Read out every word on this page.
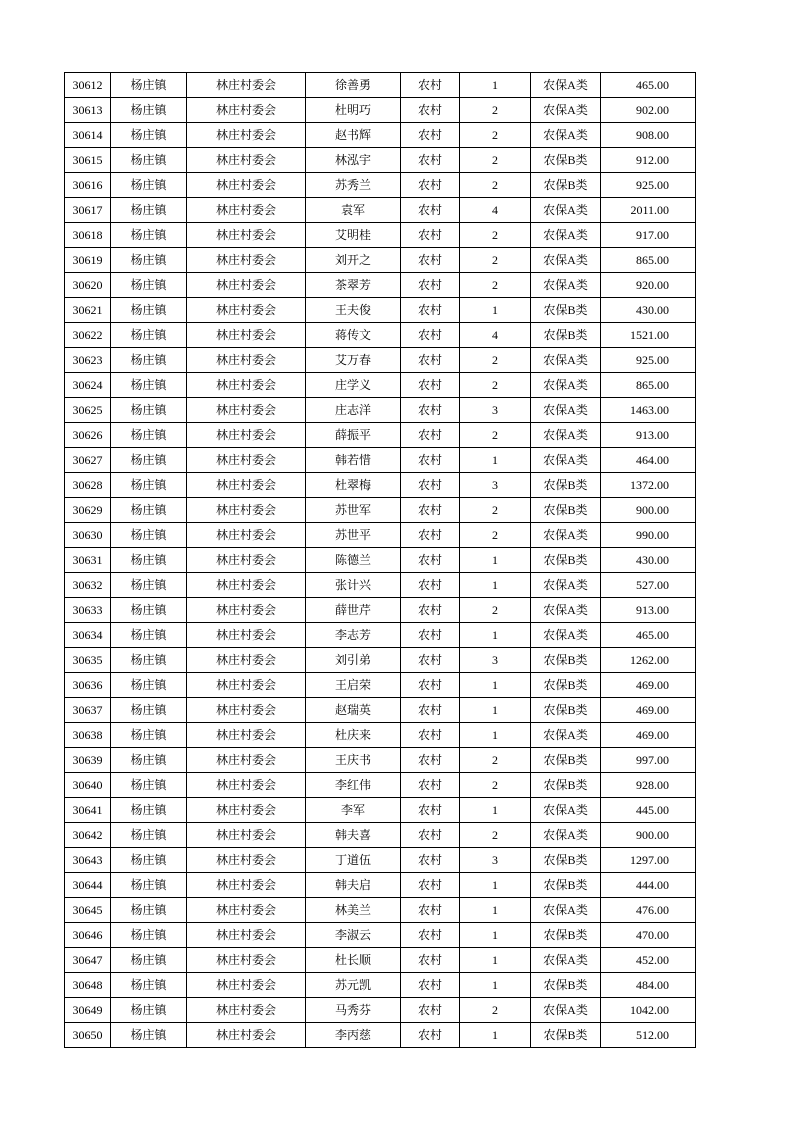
30612	杨庄镇	林庄村委会	徐善勇	农村	1	农保A类	465.00
30613	杨庄镇	林庄村委会	杜明巧	农村	2	农保A类	902.00
30614	杨庄镇	林庄村委会	赵书辉	农村	2	农保A类	908.00
30615	杨庄镇	林庄村委会	林泓宇	农村	2	农保B类	912.00
30616	杨庄镇	林庄村委会	苏秀兰	农村	2	农保B类	925.00
30617	杨庄镇	林庄村委会	袁军	农村	4	农保A类	2011.00
30618	杨庄镇	林庄村委会	艾明桂	农村	2	农保A类	917.00
30619	杨庄镇	林庄村委会	刘开之	农村	2	农保A类	865.00
30620	杨庄镇	林庄村委会	茶翠芳	农村	2	农保A类	920.00
30621	杨庄镇	林庄村委会	王夫俊	农村	1	农保B类	430.00
30622	杨庄镇	林庄村委会	蒋传文	农村	4	农保B类	1521.00
30623	杨庄镇	林庄村委会	艾万春	农村	2	农保A类	925.00
30624	杨庄镇	林庄村委会	庄学义	农村	2	农保A类	865.00
30625	杨庄镇	林庄村委会	庄志洋	农村	3	农保A类	1463.00
30626	杨庄镇	林庄村委会	薛振平	农村	2	农保A类	913.00
30627	杨庄镇	林庄村委会	韩若惜	农村	1	农保A类	464.00
30628	杨庄镇	林庄村委会	杜翠梅	农村	3	农保B类	1372.00
30629	杨庄镇	林庄村委会	苏世军	农村	2	农保B类	900.00
30630	杨庄镇	林庄村委会	苏世平	农村	2	农保A类	990.00
30631	杨庄镇	林庄村委会	陈德兰	农村	1	农保B类	430.00
30632	杨庄镇	林庄村委会	张计兴	农村	1	农保A类	527.00
30633	杨庄镇	林庄村委会	薛世芹	农村	2	农保A类	913.00
30634	杨庄镇	林庄村委会	李志芳	农村	1	农保A类	465.00
30635	杨庄镇	林庄村委会	刘引弟	农村	3	农保B类	1262.00
30636	杨庄镇	林庄村委会	王启荣	农村	1	农保B类	469.00
30637	杨庄镇	林庄村委会	赵瑞英	农村	1	农保B类	469.00
30638	杨庄镇	林庄村委会	杜庆来	农村	1	农保A类	469.00
30639	杨庄镇	林庄村委会	王庆书	农村	2	农保B类	997.00
30640	杨庄镇	林庄村委会	李红伟	农村	2	农保B类	928.00
30641	杨庄镇	林庄村委会	李军	农村	1	农保A类	445.00
30642	杨庄镇	林庄村委会	韩夫喜	农村	2	农保A类	900.00
30643	杨庄镇	林庄村委会	丁道伍	农村	3	农保B类	1297.00
30644	杨庄镇	林庄村委会	韩夫启	农村	1	农保B类	444.00
30645	杨庄镇	林庄村委会	林美兰	农村	1	农保A类	476.00
30646	杨庄镇	林庄村委会	李淑云	农村	1	农保B类	470.00
30647	杨庄镇	林庄村委会	杜长顺	农村	1	农保A类	452.00
30648	杨庄镇	林庄村委会	苏元凯	农村	1	农保B类	484.00
30649	杨庄镇	林庄村委会	马秀芬	农村	2	农保A类	1042.00
30650	杨庄镇	林庄村委会	李丙慈	农村	1	农保B类	512.00
